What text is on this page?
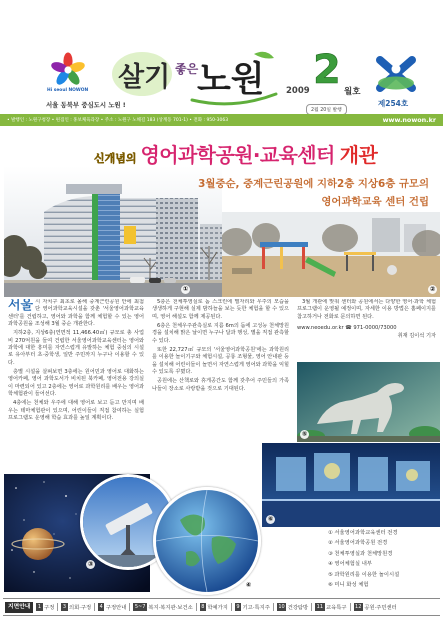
Hi seoul NOWON
서울 동북부 중심도시 노원 !
살기 좋은
노원	2009 2 월호
2월 20일 발행
제254호
• 발행인 : 노원구청장 • 편집인 : 홍보체육과장 • 주소 : 노원구 노해길 183 (상계동 701-1) • 전화 : 950-3063	www.nowon.kr
신개념의 영어과학공원·교육센터 개관
3월중순, 중계근린공원에 지하2층 지상6층 규모의
영어과학교육 센터 건립

서울 시 자치구 최초로 올해 중계근린공원 안에 최첨단 영어과학교육시설을 갖춘 '서울영어과학교육센터'를 건립하고, 영어와 과학을 함께 체험할 수 있는 영어과학공원을 조성해 3월 중순 개관한다.

지하2층, 지상6층(연면적 11,466.40㎡) 규모로 총 사업비 270억원을 들여 건립한 서울영어과학교육센터는 영어와 과학에 대한 흥미를 자연스럽게 유발하는 체험 중심의 시설로 유아부터 초·중학생, 일반 주민까지 누구나 이용할 수 있다.

층별 시설을 살펴보면 3층에는 원어민과 영어로 대화하는 영어카페, 영어 과학도서가 비치된 북카페, 영어전용 강의실이 마련되어 있고 2층에는 영어로 과학원리를 배우는 영어과학체험관이 들어선다.

4층에는 천체와 우주에 대해 영어로 보고 듣고 만지며 배우는 테마체험관이 있으며, 어린이들이 직접 참여하는 실험 프로그램도 운영해 학습 효과를 높일 계획이다.

5층은 천체투영실로 돔 스크린에 별자리와 우주의 모습을 생생하게 구현해 실제 밤하늘을 보는 듯한 체험을 할 수 있으며, 영어 해설도 함께 제공된다.

6층은 천체우주관측실로 지름 6m의 돔에 고성능 천체망원경을 설치해 맑은 날이면 누구나 달과 행성, 별을 직접 관측할 수 있다.

또한 22,727㎡ 규모의 '서울영어과학공원'에는 과학원리를 이용한 놀이기구와 체험시설, 공룡 조형물, 영어 안내판 등을 설치해 어린이들이 놀면서 자연스럽게 영어와 과학을 익힐 수 있도록 꾸몄다.

공원에는 산책로와 휴게공간도 함께 갖추어 주민들의 가족 나들이 장소로 사랑받을 것으로 기대된다.

3월 개관에 맞춰 센터와 공원에서는 다양한 영어·과학 체험 프로그램이 운영될 예정이며, 자세한 이용 방법은 홈페이지를 참고하거나 전화로 문의하면 된다.

www.neoedu.or.kr ☎ 971-0000/73000
취재 김이석 기자
①	②
③
④
⑤
⑥
① 서울영어과학교육센터 전경
② 서울영어과학공원 전경
③ 천체투영실과 천체망원경
④ 영어체험실 내부
⑤ 과학원리를 이용한 놀이시설
⑥ 미니 화성 체험
지면안내	1 구정	3 의회·구정	4 구정안내	5~7 복지·복지관·보건소	8 학예가지	9 기고·특지주	10 건강탐방	11 교육특구	12 공원·주민센터
